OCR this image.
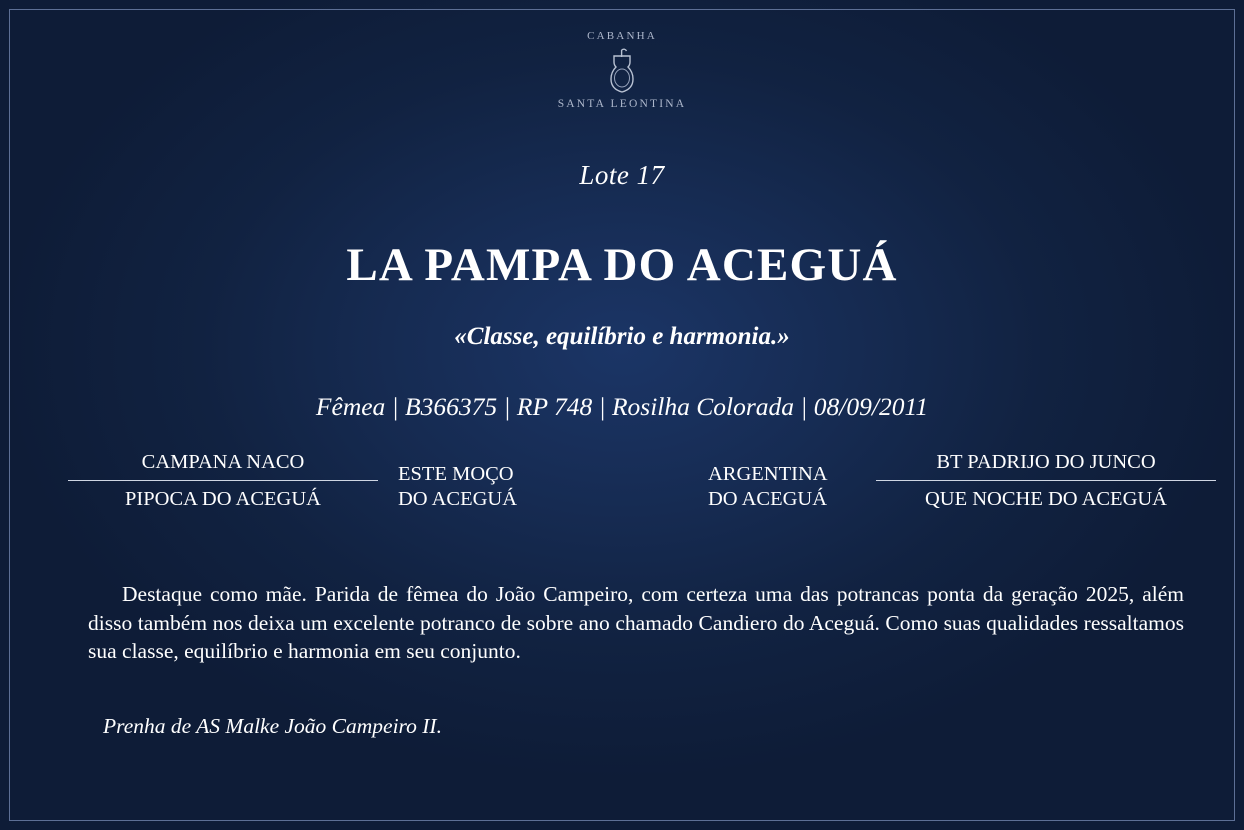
CABANHA
SANTA LEONTINA
Lote 17
LA PAMPA DO ACEGUÁ
«Classe, equilíbrio e harmonia.»
Fêmea | B366375 | RP 748 | Rosilha Colorada | 08/09/2011
CAMPANA NACO
PIPOCA DO ACEGUÁ
ESTE MOÇO
DO ACEGUÁ
ARGENTINA
DO ACEGUÁ
BT PADRIJO DO JUNCO
QUE NOCHE DO ACEGUÁ
Destaque como mãe. Parida de fêmea do João Campeiro, com certeza uma das potrancas ponta da geração 2025, além disso também nos deixa um excelente potranco de sobre ano chamado Candiero do Aceguá. Como suas qualidades ressaltamos sua classe, equilíbrio e harmonia em seu conjunto.
Prenha de AS Malke João Campeiro II.
